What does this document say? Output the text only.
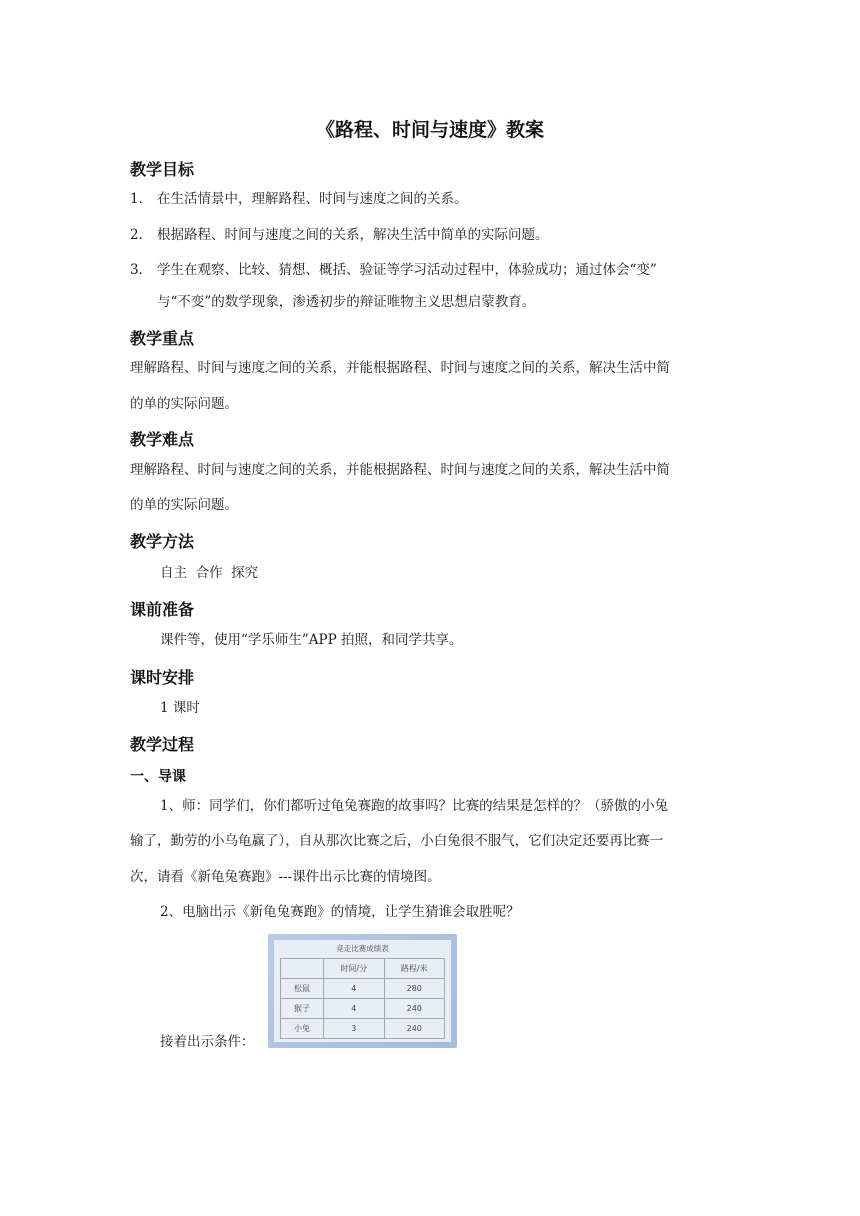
《路程、时间与速度》教案
教学目标
1． 在生活情景中，理解路程、时间与速度之间的关系。
2． 根据路程、时间与速度之间的关系，解决生活中简单的实际问题。
3． 学生在观察、比较、猜想、概括、验证等学习活动过程中，体验成功；通过体会“变”
与“不变”的数学现象，渗透初步的辩证唯物主义思想启蒙教育。
教学重点
理解路程、时间与速度之间的关系，并能根据路程、时间与速度之间的关系，解决生活中简
的单的实际问题。
教学难点
理解路程、时间与速度之间的关系，并能根据路程、时间与速度之间的关系，解决生活中简
的单的实际问题。
教学方法
自主  合作  探究
课前准备
课件等，使用“学乐师生”APP 拍照，和同学共享。
课时安排
1 课时
教学过程
一、导课
1、师：同学们，你们都听过龟兔赛跑的故事吗？比赛的结果是怎样的？（骄傲的小兔
输了，勤劳的小乌龟赢了），自从那次比赛之后，小白兔很不服气，它们决定还要再比赛一
次，请看《新龟兔赛跑》---课件出示比赛的情境图。
2、电脑出示《新龟兔赛跑》的情境，让学生猜谁会取胜呢？
接着出示条件：
竞走比赛成绩表
	时间/分	路程/米
松鼠	4	280
猴子	4	240
小兔	3	240
